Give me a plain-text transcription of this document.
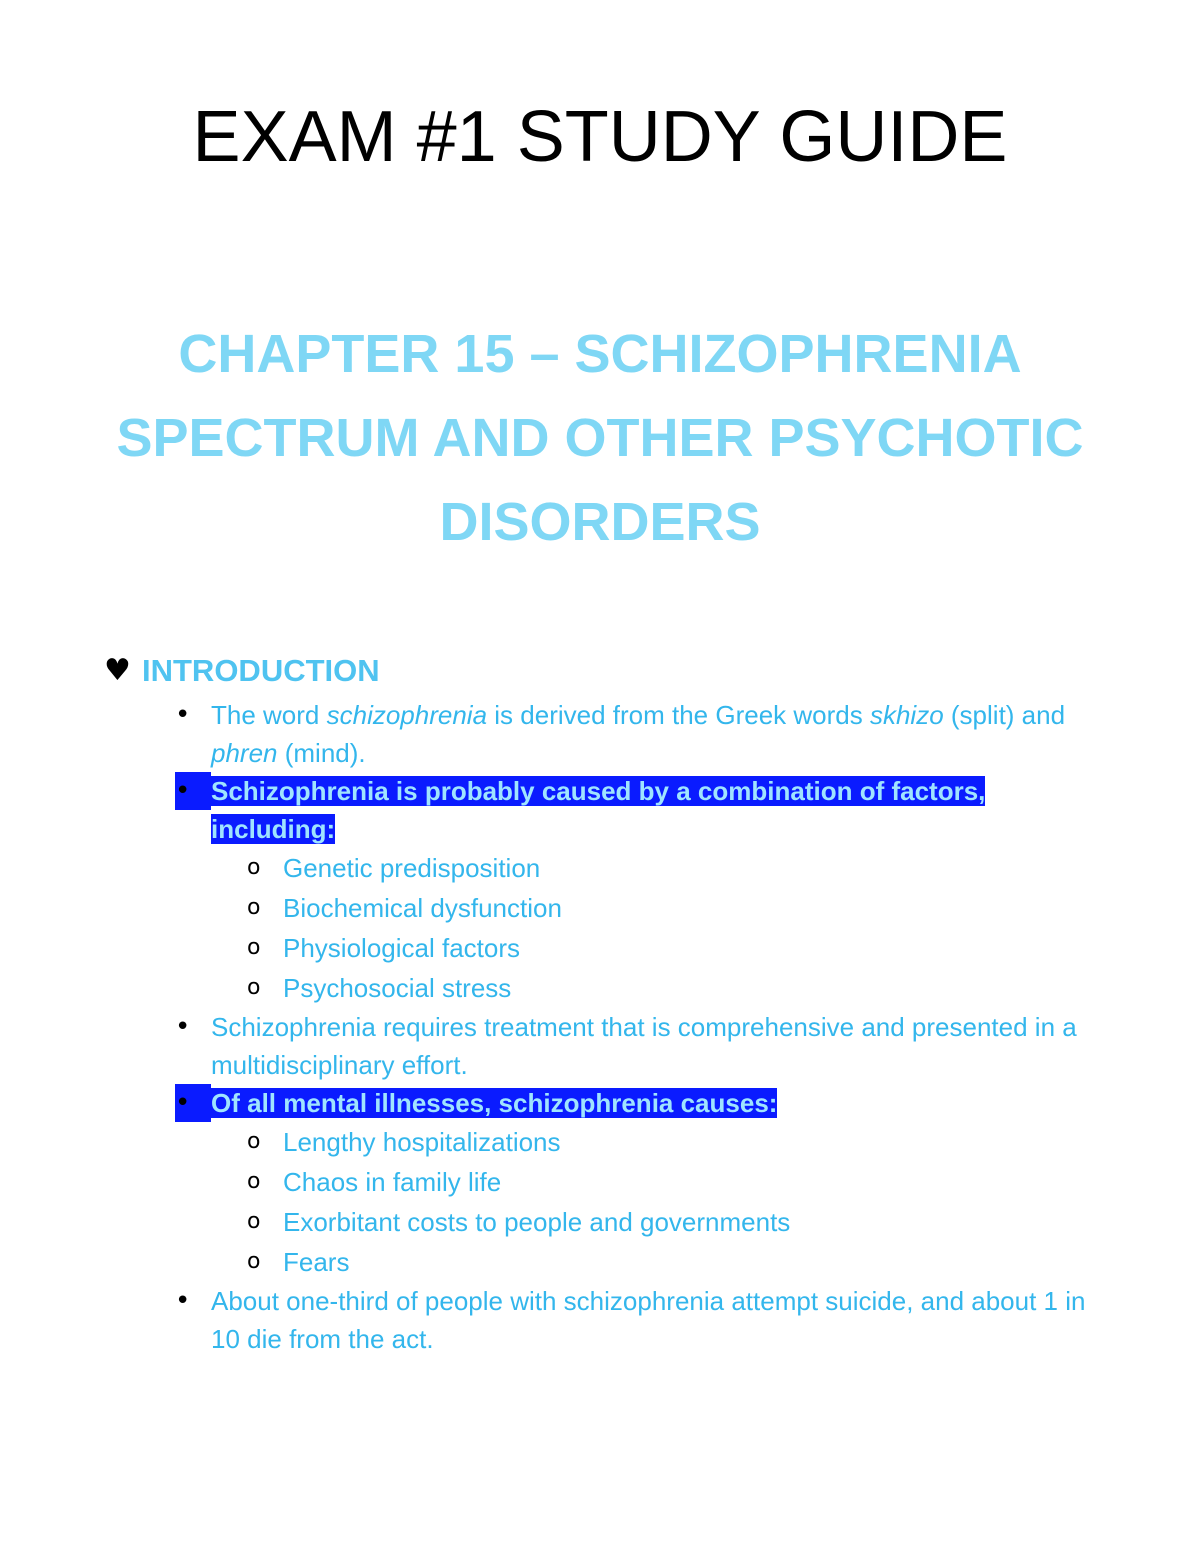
EXAM #1 STUDY GUIDE
CHAPTER 15 – SCHIZOPHRENIA
SPECTRUM AND OTHER PSYCHOTIC
DISORDERS
♥ INTRODUCTION
• The word schizophrenia is derived from the Greek words skhizo (split) and phren (mind).
• Schizophrenia is probably caused by a combination of factors,
including:
o Genetic predisposition
o Biochemical dysfunction
o Physiological factors
o Psychosocial stress
• Schizophrenia requires treatment that is comprehensive and presented in a multidisciplinary effort.
• Of all mental illnesses, schizophrenia causes:
o Lengthy hospitalizations
o Chaos in family life
o Exorbitant costs to people and governments
o Fears
• About one-third of people with schizophrenia attempt suicide, and about 1 in 10 die from the act.
